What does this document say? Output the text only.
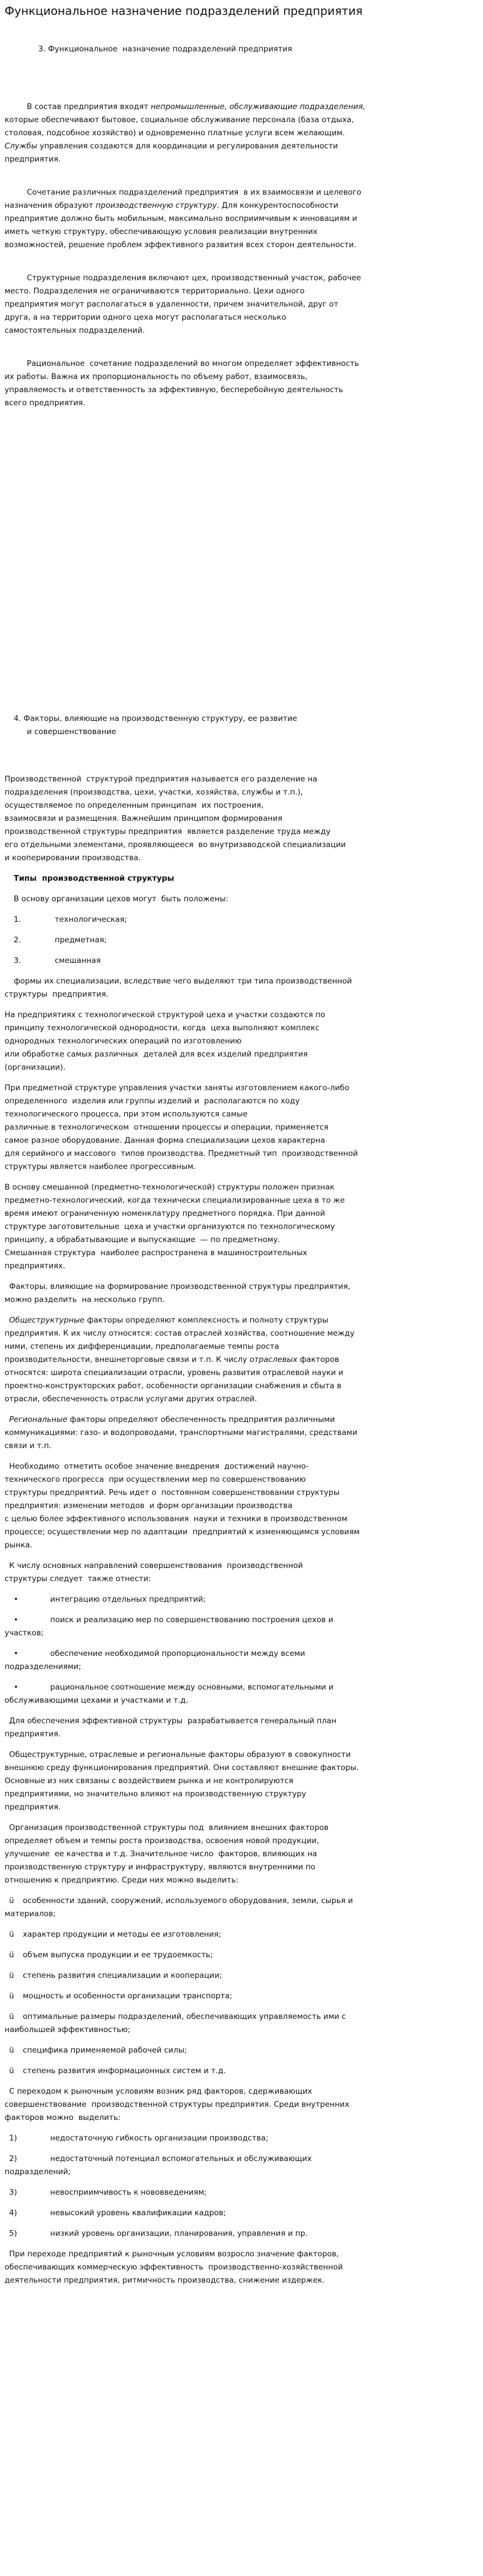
Функциональное назначение подразделений предприятия
3. Функциональное  назначение подразделений предприятия
В состав предприятия входят непромышленные, обслуживающие подразделения,
которые обеспечивают бытовое, социальное обслуживание персонала (база отдыха,
столовая, подсобное хозяйство) и одновременно платные услуги всем желающим.
Службы управления создаются для координации и регулирования деятельности
предприятия.
Сочетание различных подразделений предприятия  в их взаимосвязи и целевого
назначения образуют производственную структуру. Для конкурентоспособности
предприятие должно быть мобильным, максимально восприимчивым к инновациям и
иметь четкую структуру, обеспечивающую условия реализации внутренних
возможностей, решение проблем эффективного развития всех сторон деятельности.
Структурные подразделения включают цех, производственный участок, рабочее
место. Подразделения не ограничиваются территориально. Цехи одного
предприятия могут располагаться в удаленности, причем значительной, друг от
друга, а на территории одного цеха могут располагаться несколько
самостоятельных подразделений.
Рациональное  сочетание подразделений во многом определяет эффективность
их работы. Важна их пропорциональность по объему работ, взаимосвязь,
управляемость и ответственность за эффективную, бесперебойную деятельность
всего предприятия.
4. Факторы, влияющие на производственную структуру, ее развитие
и совершенствование
Производственной  структурой предприятия называется его разделение на
подразделения (производства, цехи, участки, хозяйства, службы и т.п.),
осуществляемое по определенным принципам  их построения,
взаимосвязи и размещения. Важнейшим принципом формирования
производственной структуры предприятия  является разделение труда между
его отдельными элементами, проявляющееся  во внутризаводской специализации
и кооперировании производства.
Типы  производственной структуры
В основу организации цехов могут  быть положены:
1.	технологическая;
2.	предметная;
3.	смешанная
формы их специализации, вследствие чего выделяют три типа производственной
структуры  предприятия.
На предприятиях с технологической структурой цеха и участки создаются по
принципу технологической однородности, когда  цеха выполняют комплекс
однородных технологических операций по изготовлению
или обработке самых различных  деталей для всех изделий предприятия
(организации).
При предметной структуре управления участки заняты изготовлением какого-либо
определенного  изделия или группы изделий и  располагаются по ходу
технологического процесса, при этом используются самые
различные в технологическом  отношении процессы и операции, применяется
самое разное оборудование. Данная форма специализации цехов характерна
для серийного и массового  типов производства. Предметный тип  производственной
структуры является наиболее прогрессивным.
В основу смешанной (предметно-технологической) структуры положен признак
предметно-технологический, когда технически специализированные цеха в то же
время имеют ограниченную номенклатуру предметного порядка. При данной
структуре заготовительные  цеха и участки организуются по технологическому
принципу, а обрабатывающие и выпускающие  — по предметному.
Смешанная структура  наиболее распространена в машиностроительных
предприятиях.
Факторы, влияющие на формирование производственной структуры предприятия,
можно разделить  на несколько групп.
Общеструктурные факторы определяют комплексность и полноту структуры
предприятия. К их числу относятся: состав отраслей хозяйства, соотношение между
ними, степень их дифференциации, предполагаемые темпы роста
производительности, внешнеторговые связи и т.п. К числу отраслевых факторов
относятся: широта специализации отрасли, уровень развития отраслевой науки и
проектно-конструкторских работ, особенности организации снабжения и сбыта в
отрасли, обеспеченность отрасли услугами других отраслей.
Региональные факторы определяют обеспеченность предприятия различными
коммуникациями: газо- и водопроводами, транспортными магистралями, средствами
связи и т.п.
Необходимо  отметить особое значение внедрения  достижений научно-
технического прогресса  при осуществлении мер по совершенствованию
структуры предприятий. Речь идет о  постоянном совершенствовании структуры
предприятия: изменении методов  и форм организации производства
с целью более эффективного использования  науки и техники в производственном
процессе; осуществлении мер по адаптации  предприятий к изменяющимся условиям
рынка.
К числу основных направлений совершенствования  производственной
структуры следует  также отнести:
•	интеграцию отдельных предприятий;
•	поиск и реализацию мер по совершенствованию построения цехов и
участков;
•	обеспечение необходимой пропорциональности между всеми
подразделениями;
•	рациональное соотношение между основными, вспомогательными и
обслуживающими цехами и участками и т.д.
Для обеспечения эффективной структуры  разрабатывается генеральный план
предприятия.
Общеструктурные, отраслевые и региональные факторы образуют в совокупности
внешнюю среду функционирования предприятий. Они составляют внешние факторы.
Основные из них связаны с воздействием рынка и не контролируются
предприятиями, но значительно влияют на производственную структуру
предприятия.
Организация производственной структуры под  влиянием внешних факторов
определяет объем и темпы роста производства, освоения новой продукции,
улучшение  ее качества и т.д. Значительное число  факторов, влияющих на
производственную структуру и инфраструктуру, являются внутренними по
отношению к предприятию. Среди них можно выделить:
ü особенности зданий, сооружений, используемого оборудования, земли, сырья и
материалов;
ü характер продукции и методы ее изготовления;
ü объем выпуска продукции и ее трудоемкость;
ü степень развития специализации и кооперации;
ü мощность и особенности организации транспорта;
ü оптимальные размеры подразделений, обеспечивающих управляемость ими с
наибольшей эффективностью;
ü специфика применяемой рабочей силы;
ü степень развития информационных систем и т.д.
С переходом к рыночным условиям возник ряд факторов, сдерживающих
совершенствование  производственной структуры предприятия. Среди внутренних
факторов можно  выделить:
1)	недостаточную гибкость организации производства;
2)	недостаточный потенциал вспомогательных и обслуживающих
подразделений;
3)	невосприимчивость к нововведениям;
4)	невысокий уровень квалификации кадров;
5)	низкий уровень организации, планирования, управления и пр.
При переходе предприятий к рыночным условиям возросло значение факторов,
обеспечивающих коммерческую эффективность  производственно-хозяйственной
деятельности предприятия, ритмичность производства, снижение издержек.
